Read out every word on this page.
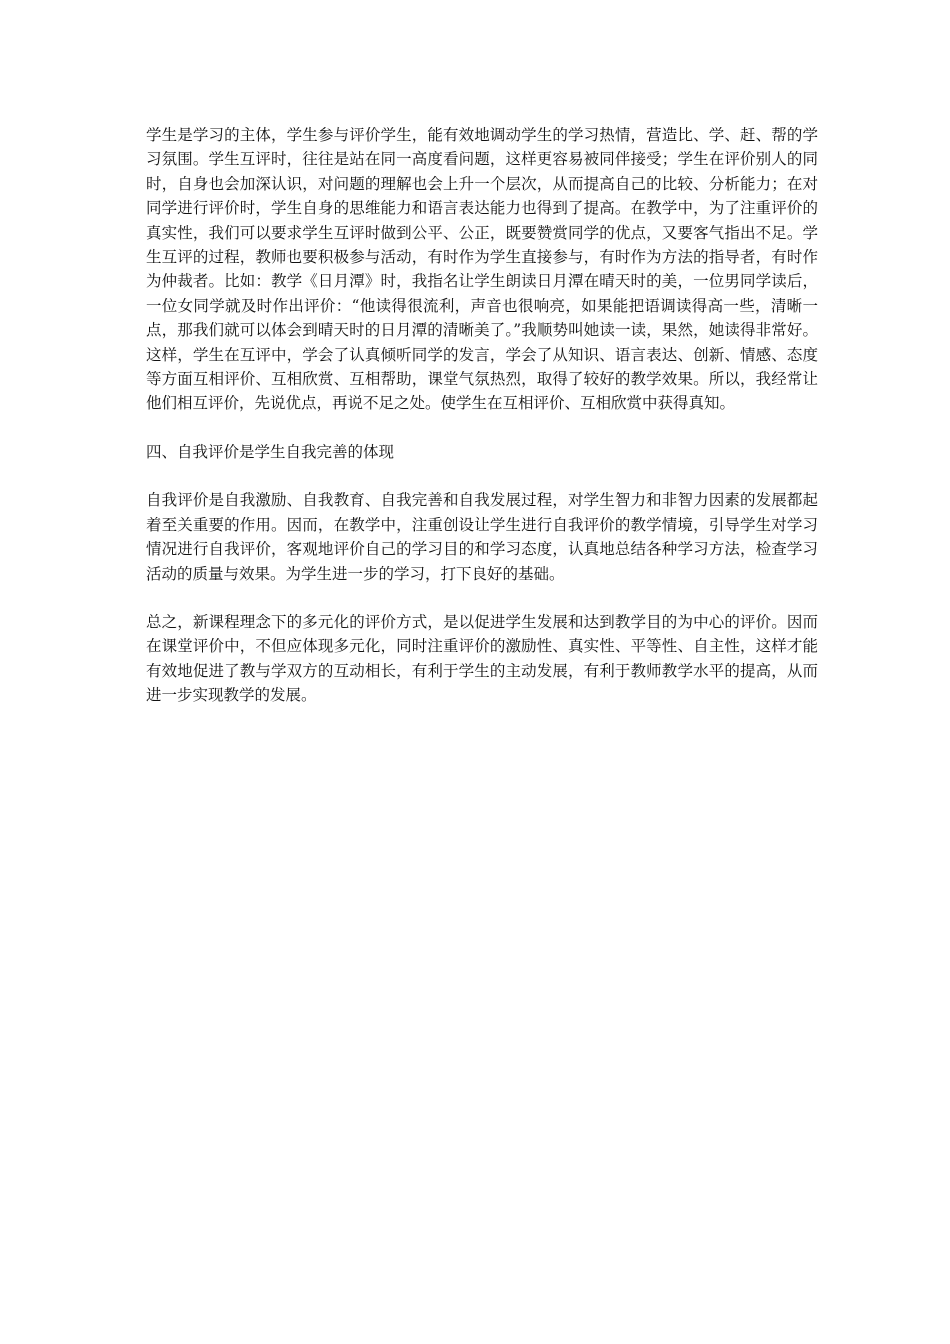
学生是学习的主体，学生参与评价学生，能有效地调动学生的学习热情，营造比、学、赶、帮的学习氛围。学生互评时，往往是站在同一高度看问题，这样更容易被同伴接受；学生在评价别人的同时，自身也会加深认识，对问题的理解也会上升一个层次，从而提高自己的比较、分析能力；在对同学进行评价时，学生自身的思维能力和语言表达能力也得到了提高。在教学中，为了注重评价的真实性，我们可以要求学生互评时做到公平、公正，既要赞赏同学的优点，又要客气指出不足。学生互评的过程，教师也要积极参与活动，有时作为学生直接参与，有时作为方法的指导者，有时作为仲裁者。比如：教学《日月潭》时，我指名让学生朗读日月潭在晴天时的美，一位男同学读后，一位女同学就及时作出评价：“他读得很流利，声音也很响亮，如果能把语调读得高一些，清晰一点，那我们就可以体会到晴天时的日月潭的清晰美了。”我顺势叫她读一读，果然，她读得非常好。这样，学生在互评中，学会了认真倾听同学的发言，学会了从知识、语言表达、创新、情感、态度等方面互相评价、互相欣赏、互相帮助，课堂气氛热烈，取得了较好的教学效果。所以，我经常让他们相互评价，先说优点，再说不足之处。使学生在互相评价、互相欣赏中获得真知。

四、自我评价是学生自我完善的体现

自我评价是自我激励、自我教育、自我完善和自我发展过程，对学生智力和非智力因素的发展都起着至关重要的作用。因而，在教学中，注重创设让学生进行自我评价的教学情境，引导学生对学习情况进行自我评价，客观地评价自己的学习目的和学习态度，认真地总结各种学习方法，检查学习活动的质量与效果。为学生进一步的学习，打下良好的基础。

总之，新课程理念下的多元化的评价方式，是以促进学生发展和达到教学目的为中心的评价。因而在课堂评价中，不但应体现多元化，同时注重评价的激励性、真实性、平等性、自主性，这样才能有效地促进了教与学双方的互动相长，有利于学生的主动发展，有利于教师教学水平的提高，从而进一步实现教学的发展。
